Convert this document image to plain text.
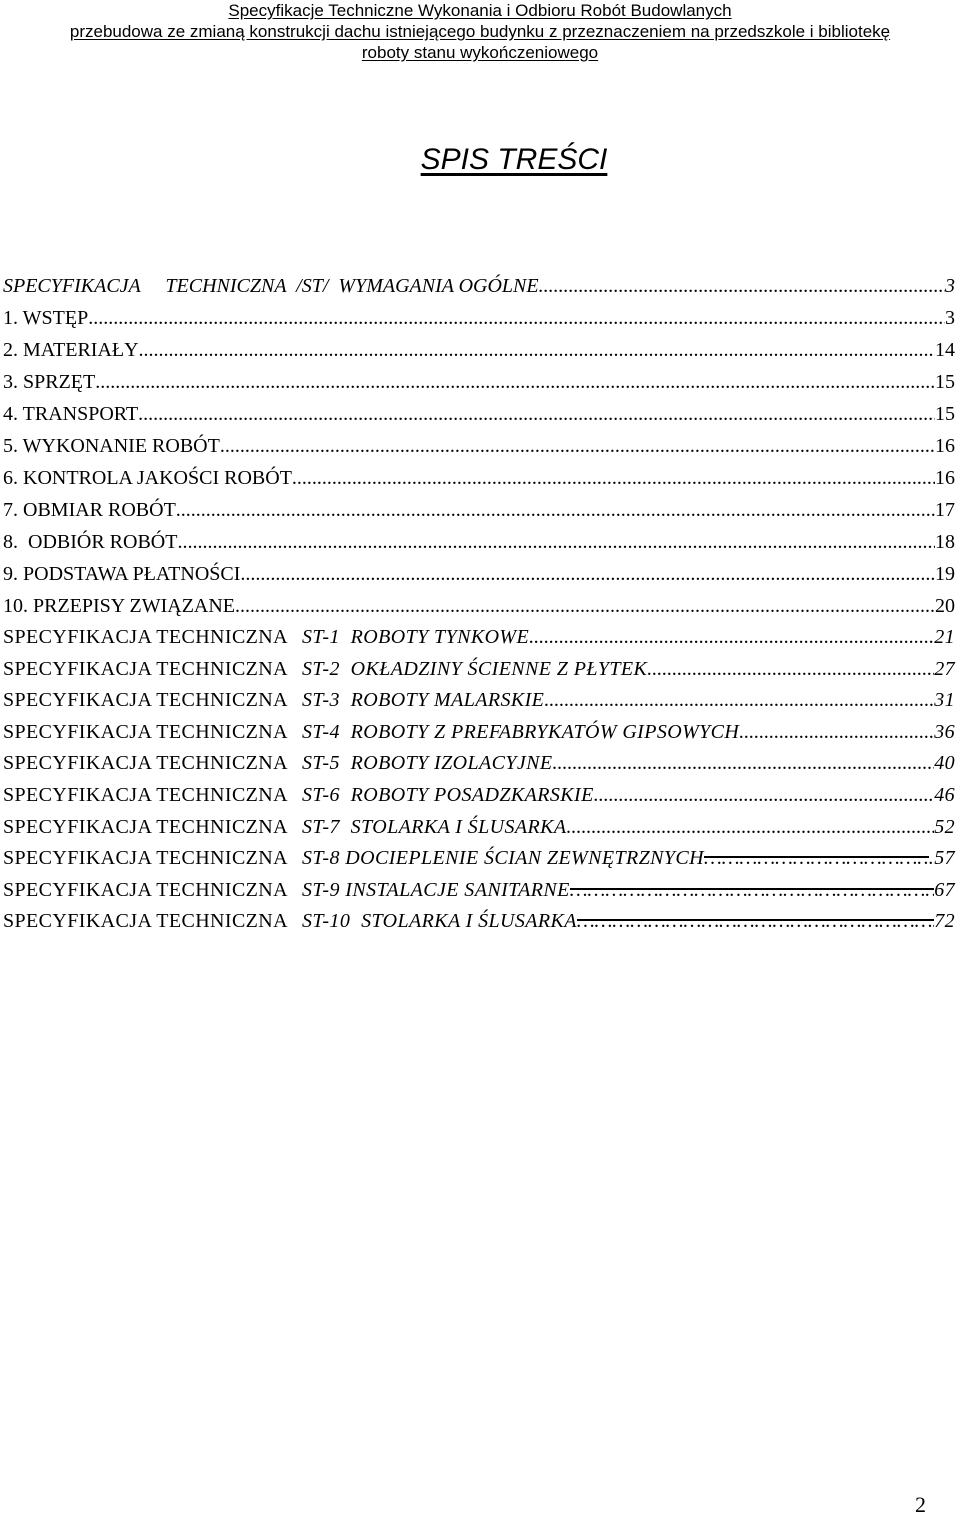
Specyfikacje Techniczne Wykonania i Odbioru Robót Budowlanych
przebudowa ze zmianą konstrukcji dachu istniejącego budynku z przeznaczeniem na przedszkole i bibliotekę
roboty stanu wykończeniowego
SPIS TREŚCI
SPECYFIKACJA     TECHNICZNA  /ST/  WYMAGANIA OGÓLNE .....	3
1. WSTĘP .....	3
2. MATERIAŁY .....	14
3. SPRZĘT .....	15
4. TRANSPORT .....	15
5. WYKONANIE ROBÓT .....	16
6. KONTROLA JAKOŚCI ROBÓT .....	16
7. OBMIAR ROBÓT .....	17
8.  ODBIÓR ROBÓT .....	18
9. PODSTAWA PŁATNOŚCI .....	19
10. PRZEPISY ZWIĄZANE .....	20
SPECYFIKACJA TECHNICZNA ST-1  ROBOTY TYNKOWE .....	21
SPECYFIKACJA TECHNICZNA ST-2  OKŁADZINY ŚCIENNE Z PŁYTEK .....	27
SPECYFIKACJA TECHNICZNA ST-3  ROBOTY MALARSKIE .....	31
SPECYFIKACJA TECHNICZNA ST-4  ROBOTY Z PREFABRYKATÓW GIPSOWYCH .....	36
SPECYFIKACJA TECHNICZNA ST-5  ROBOTY IZOLACYJNE .....	40
SPECYFIKACJA TECHNICZNA ST-6  ROBOTY POSADZKARSKIE .....	46
SPECYFIKACJA TECHNICZNA ST-7  STOLARKA I ŚLUSARKA .....	52
SPECYFIKACJA TECHNICZNA ST-8 DOCIEPLENIE ŚCIAN ZEWNĘTRZNYCH ………………………………………………………………………………………………………………	.57
SPECYFIKACJA TECHNICZNA ST-9 INSTALACJE SANITARNE ………………………………………………………………………………………………………………	67
SPECYFIKACJA TECHNICZNA ST-10  STOLARKA I ŚLUSARKA ………………………………………………………………………………………………………………	72
2
